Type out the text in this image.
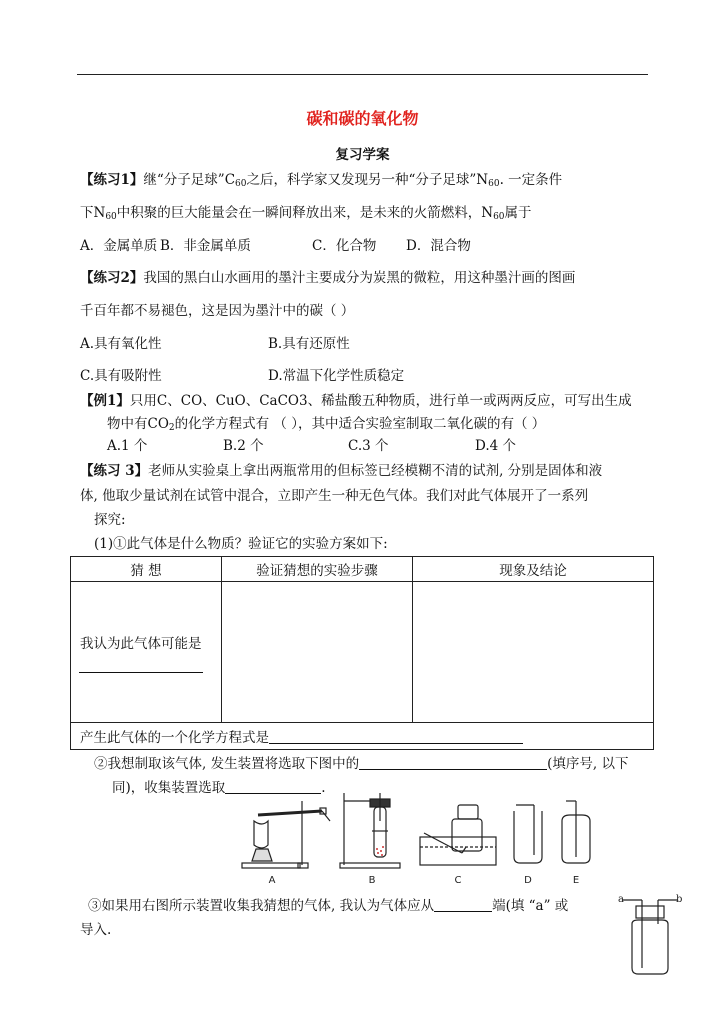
碳和碳的氧化物
复习学案
【练习1】继“分子足球$”C_{60}$之后，科学家又发现另一种“分子足球$”N_{60}$. 一定条件
下$N_{60}$中积聚的巨大能量会在一瞬间释放出来，是未来的火箭燃料，$N_{60}$属于
A．金属单质 B．非金属单质	C．化合物 D．混合物
【练习2】我国的黑白山水画用的墨汁主要成分为炭黑的微粒，用这种墨汁画的图画
千百年都不易褪色，这是因为墨汁中的碳（ ）
A.具有氧化性	B.具有还原性
C.具有吸附性	D.常温下化学性质稳定
【例1】只用C、CO、CuO、CaCO3、稀盐酸五种物质，进行单一或两两反应，可写出生成
物中有$CO_2$的化学方程式有 （ ），其中适合实验室制取二氧化碳的有（ ）
A.1 个	B.2 个	C.3 个	D.4 个
【练习 3】老师从实验桌上拿出两瓶常用的但标签已经模糊不清的试剂, 分别是固体和液
体, 他取少量试剂在试管中混合，立即产生一种无色气体。我们对此气体展开了一系列
探究:
(1)①此气体是什么物质？验证它的实验方案如下:
猜 想	验证猜想的实验步骤	现象及结论

我认为此气体可能是		

产生此气体的一个化学方程式是		
②我想制取该气体, 发生装置将选取下图中的	(填序号, 以下
同)，收集装置选取	.
A	B	C	D	E
③如果用右图所示装置收集我猜想的气体, 我认为气体应从	端(填 “a” 或
导入.
a	b
